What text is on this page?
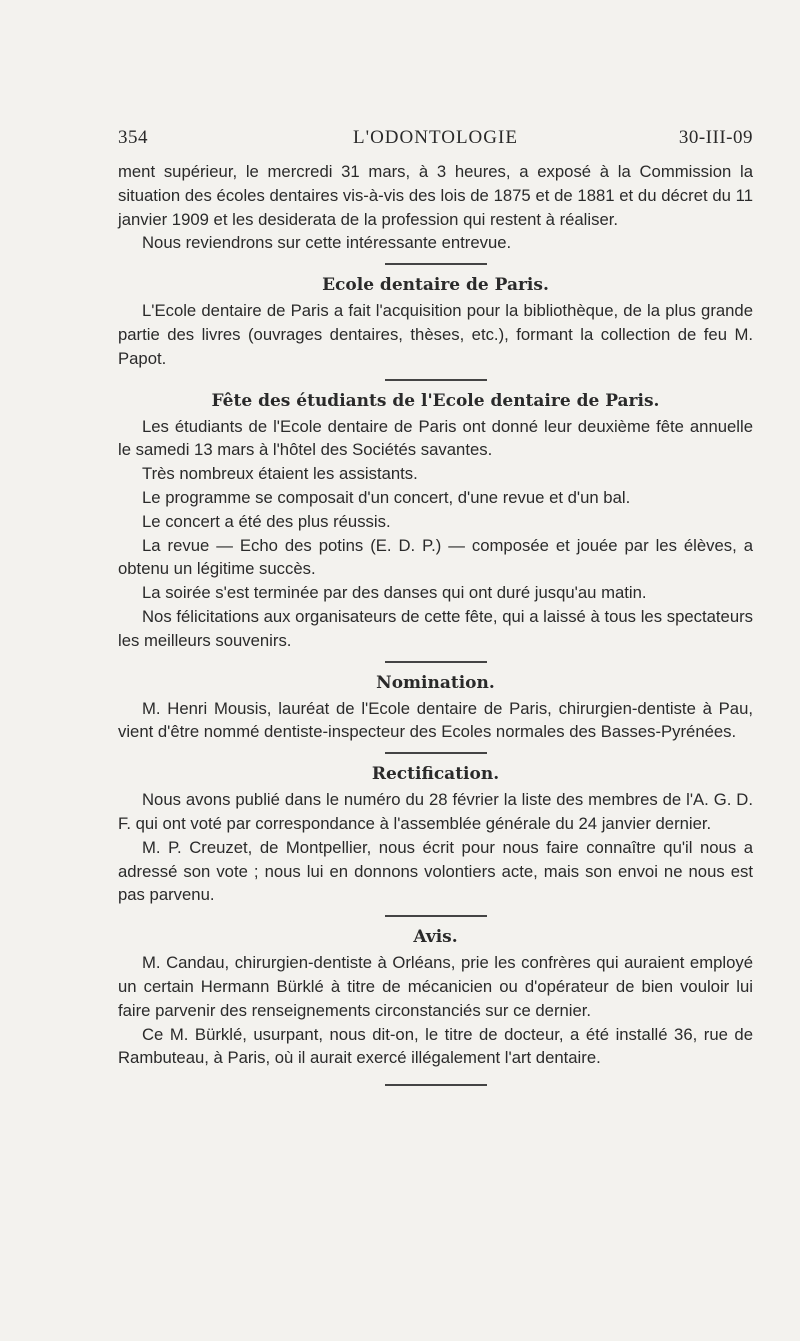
354	L'ODONTOLOGIE	30-III-09

ment supérieur, le mercredi 31 mars, à 3 heures, a exposé à la Commission la situation des écoles dentaires vis-à-vis des lois de 1875 et de 1881 et du décret du 11 janvier 1909 et les desiderata de la profession qui restent à réaliser.

Nous reviendrons sur cette intéressante entrevue.

Ecole dentaire de Paris.

L'Ecole dentaire de Paris a fait l'acquisition pour la bibliothèque, de la plus grande partie des livres (ouvrages dentaires, thèses, etc.), formant la collection de feu M. Papot.

Fête des étudiants de l'Ecole dentaire de Paris.

Les étudiants de l'Ecole dentaire de Paris ont donné leur deuxième fête annuelle le samedi 13 mars à l'hôtel des Sociétés savantes.

Très nombreux étaient les assistants.

Le programme se composait d'un concert, d'une revue et d'un bal.

Le concert a été des plus réussis.

La revue — Echo des potins (E. D. P.) — composée et jouée par les élèves, a obtenu un légitime succès.

La soirée s'est terminée par des danses qui ont duré jusqu'au matin.

Nos félicitations aux organisateurs de cette fête, qui a laissé à tous les spectateurs les meilleurs souvenirs.

Nomination.

M. Henri Mousis, lauréat de l'Ecole dentaire de Paris, chirurgien-dentiste à Pau, vient d'être nommé dentiste-inspecteur des Ecoles normales des Basses-Pyrénées.

Rectification.

Nous avons publié dans le numéro du 28 février la liste des membres de l'A. G. D. F. qui ont voté par correspondance à l'assemblée générale du 24 janvier dernier.

M. P. Creuzet, de Montpellier, nous écrit pour nous faire connaître qu'il nous a adressé son vote ; nous lui en donnons volontiers acte, mais son envoi ne nous est pas parvenu.

Avis.

M. Candau, chirurgien-dentiste à Orléans, prie les confrères qui auraient employé un certain Hermann Bürklé à titre de mécanicien ou d'opérateur de bien vouloir lui faire parvenir des renseignements circonstanciés sur ce dernier.

Ce M. Bürklé, usurpant, nous dit-on, le titre de docteur, a été installé 36, rue de Rambuteau, à Paris, où il aurait exercé illégalement l'art dentaire.
